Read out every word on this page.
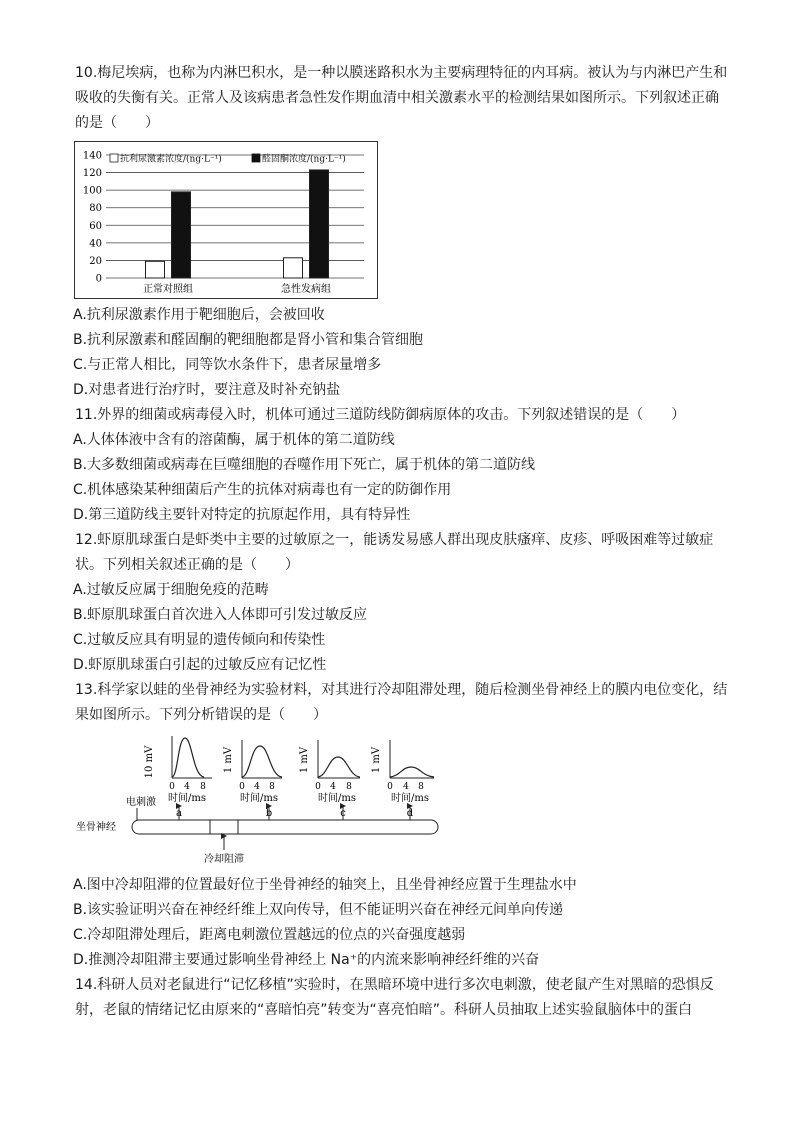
10.梅尼埃病，也称为内淋巴积水，是一种以膜迷路积水为主要病理特征的内耳病。被认为与内淋巴产生和
吸收的失衡有关。正常人及该病患者急性发作期血清中相关激素水平的检测结果如图所示。下列叙述正确
的是（　　）
0
20
40
60
80
100
120
140
正常对照组	急性发病组
抗利尿激素浓度/(ng·L⁻¹)	醛固酮浓度/(ng·L⁻¹)
A.抗利尿激素作用于靶细胞后，会被回收
B.抗利尿激素和醛固酮的靶细胞都是肾小管和集合管细胞
C.与正常人相比，同等饮水条件下，患者尿量增多
D.对患者进行治疗时，要注意及时补充钠盐
11.外界的细菌或病毒侵入时，机体可通过三道防线防御病原体的攻击。下列叙述错误的是（　　）
A.人体体液中含有的溶菌酶，属于机体的第二道防线
B.大多数细菌或病毒在巨噬细胞的吞噬作用下死亡，属于机体的第二道防线
C.机体感染某种细菌后产生的抗体对病毒也有一定的防御作用
D.第三道防线主要针对特定的抗原起作用，具有特异性
12.虾原肌球蛋白是虾类中主要的过敏原之一，能诱发易感人群出现皮肤瘙痒、皮疹、呼吸困难等过敏症
状。下列相关叙述正确的是（　　）
A.过敏反应属于细胞免疫的范畴
B.虾原肌球蛋白首次进入人体即可引发过敏反应
C.过敏反应具有明显的遗传倾向和传染性
D.虾原肌球蛋白引起的过敏反应有记忆性
13.科学家以蛙的坐骨神经为实验材料，对其进行冷却阻滞处理，随后检测坐骨神经上的膜内电位变化，结
果如图所示。下列分析错误的是（　　）
10 mV
0 4 8
时间/ms
1 mV
0 4 8
时间/ms
1 mV
0 4 8
时间/ms
1 mV
0 4 8
时间/ms
电刺激
a	b	c	d
坐骨神经
冷却阻滞
A.图中冷却阻滞的位置最好位于坐骨神经的轴突上，且坐骨神经应置于生理盐水中
B.该实验证明兴奋在神经纤维上双向传导，但不能证明兴奋在神经元间单向传递
C.冷却阻滞处理后，距离电刺激位置越远的位点的兴奋强度越弱
D.推测冷却阻滞主要通过影响坐骨神经上 Na⁺的内流来影响神经纤维的兴奋
14.科研人员对老鼠进行“记忆移植”实验时，在黑暗环境中进行多次电刺激，使老鼠产生对黑暗的恐惧反
射，老鼠的情绪记忆由原来的“喜暗怕亮”转变为“喜亮怕暗”。科研人员抽取上述实验鼠脑体中的蛋白
